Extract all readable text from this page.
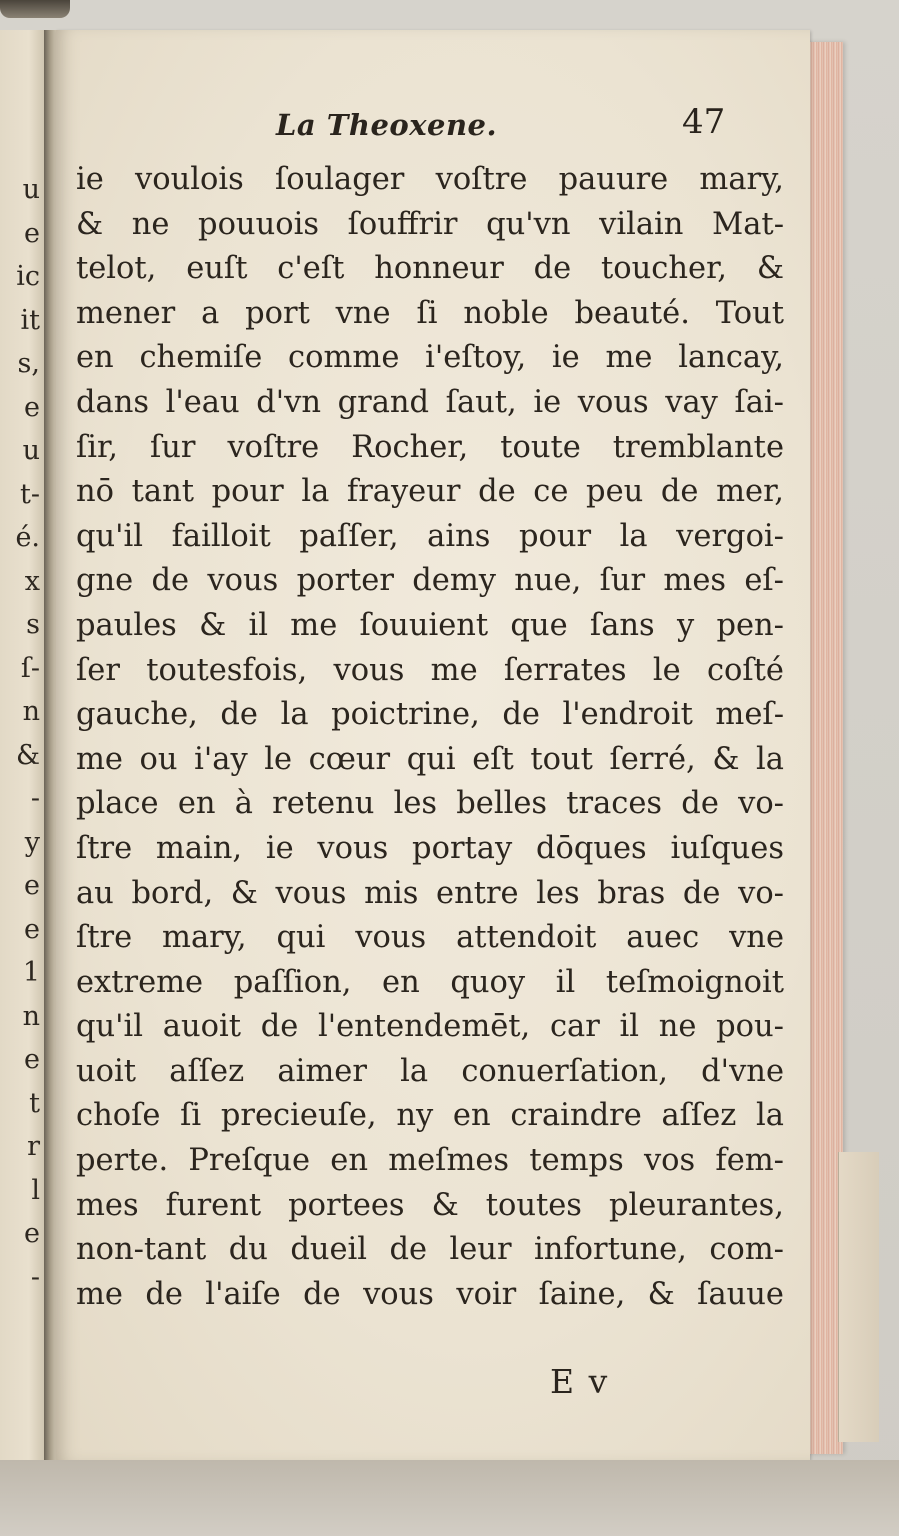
u
e
ic
it
s,
e
u
t-
é.
x
s
ſ-
n
&
-
y
e
e
1
n
e
t
r
l
e
-
La Theoxene.	47
ie voulois ſoulager voſtre pauure mary,
& ne pouuois ſouffrir qu'vn vilain Mat-
telot, euſt c'eſt honneur de toucher, &
mener a port vne ſi noble beauté. Tout
en chemiſe comme i'eſtoy, ie me lancay,
dans l'eau d'vn grand ſaut, ie vous vay ſai-
ſir, ſur voſtre Rocher, toute tremblante
nō tant pour la frayeur de ce peu de mer,
qu'il failloit paſſer, ains pour la vergoi-
gne de vous porter demy nue, ſur mes eſ-
paules & il me ſouuient que ſans y pen-
ſer toutesfois, vous me ſerrates le coſté
gauche, de la poictrine, de l'endroit meſ-
me ou i'ay le cœur qui eſt tout ſerré, & la
place en à retenu les belles traces de vo-
ſtre main, ie vous portay dōques iuſques
au bord, & vous mis entre les bras de vo-
ſtre mary, qui vous attendoit auec vne
extreme paſſion, en quoy il teſmoignoit
qu'il auoit de l'entendemēt, car il ne pou-
uoit aſſez aimer la conuerſation, d'vne
choſe ſi precieuſe, ny en craindre aſſez la
perte. Preſque en meſmes temps vos fem-
mes furent portees & toutes pleurantes,
non-tant du dueil de leur infortune, com-
me de l'aiſe de vous voir ſaine, & ſauue
E v
